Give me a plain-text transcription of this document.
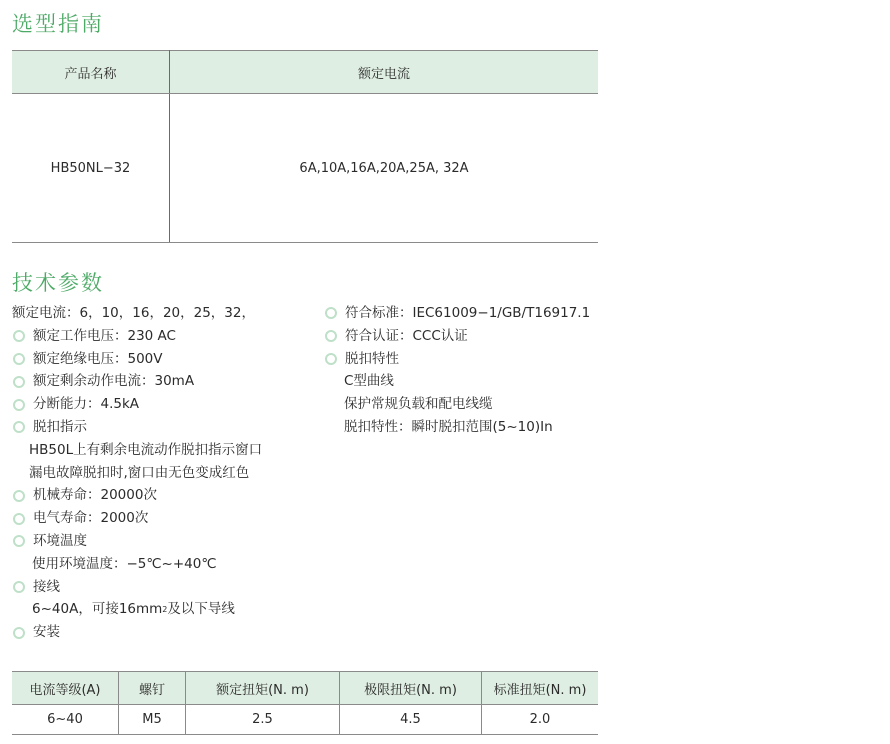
选型指南
产品名称	额定电流
HB50NL−32	6A,10A,16A,20A,25A, 32A
技术参数
额定电流：6，10，16，20，25，32，
额定工作电压：230 AC
额定绝缘电压：500V
额定剩余动作电流：30mA
分断能力：4.5kA
脱扣指示
HB50L上有剩余电流动作脱扣指示窗口
漏电故障脱扣时,窗口由无色变成红色
机械寿命：20000次
电气寿命：2000次
环境温度
使用环境温度：−5℃~+40℃
接线
6~40A，可接16mm 2 及以下导线
安装
符合标准：IEC61009−1/GB/T16917.1
符合认证：CCC认证
脱扣特性
C型曲线
保护常规负载和配电线缆
脱扣特性：瞬时脱扣范围(5~10)In
电流等级(A)	螺钉	额定扭矩(N. m)	极限扭矩(N. m)	标准扭矩(N. m)
6~40	M5	2.5	4.5	2.0
